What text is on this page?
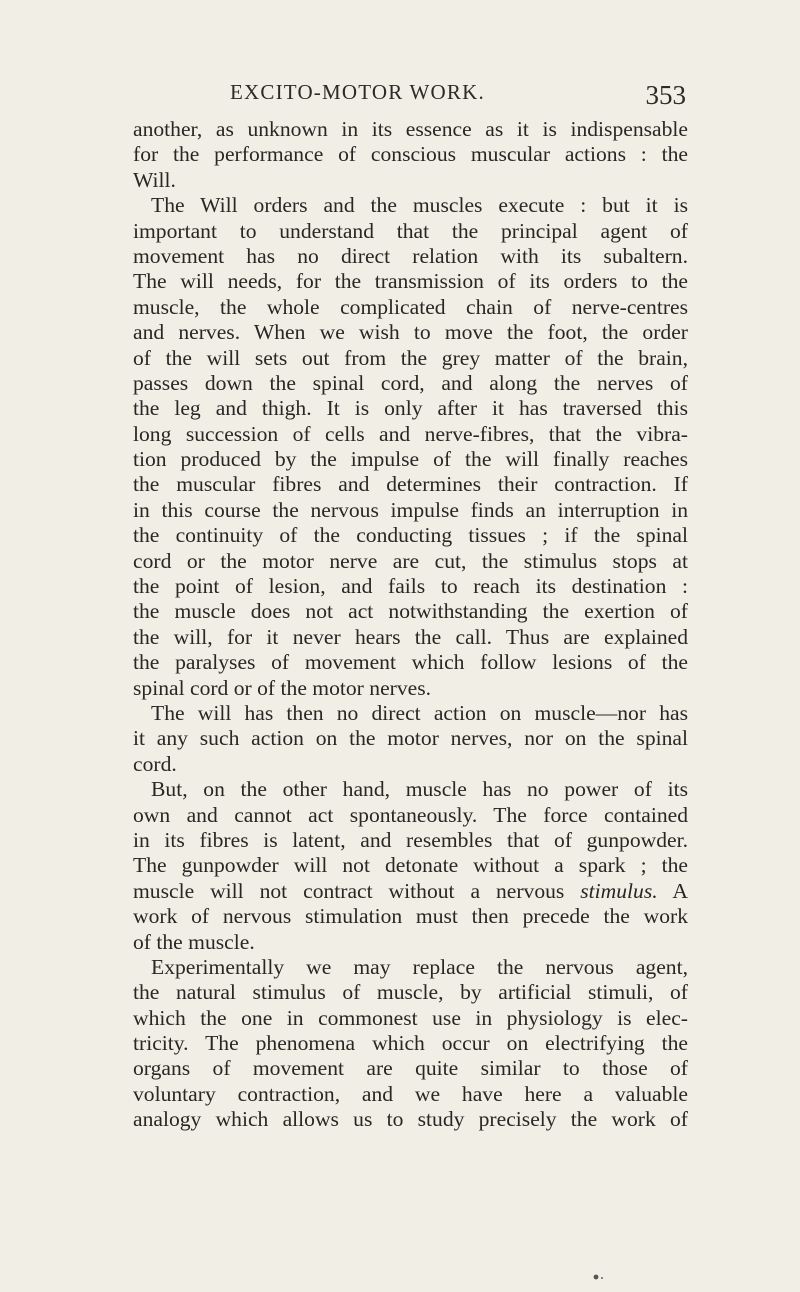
EXCITO-MOTOR WORK.	353
another, as unknown in its essence as it is indispensable
for the performance of conscious muscular actions : the
Will.
The Will orders and the muscles execute : but it is
important to understand that the principal agent of
movement has no direct relation with its subaltern.
The will needs, for the transmission of its orders to the
muscle, the whole complicated chain of nerve-centres
and nerves. When we wish to move the foot, the order
of the will sets out from the grey matter of the brain,
passes down the spinal cord, and along the nerves of
the leg and thigh. It is only after it has traversed this
long succession of cells and nerve-fibres, that the vibra-
tion produced by the impulse of the will finally reaches
the muscular fibres and determines their contraction. If
in this course the nervous impulse finds an interruption in
the continuity of the conducting tissues ; if the spinal
cord or the motor nerve are cut, the stimulus stops at
the point of lesion, and fails to reach its destination :
the muscle does not act notwithstanding the exertion of
the will, for it never hears the call. Thus are explained
the paralyses of movement which follow lesions of the
spinal cord or of the motor nerves.
The will has then no direct action on muscle—nor has
it any such action on the motor nerves, nor on the spinal
cord.
But, on the other hand, muscle has no power of its
own and cannot act spontaneously. The force contained
in its fibres is latent, and resembles that of gunpowder.
The gunpowder will not detonate without a spark ; the
muscle will not contract without a nervous stimulus. A
work of nervous stimulation must then precede the work
of the muscle.
Experimentally we may replace the nervous agent,
the natural stimulus of muscle, by artificial stimuli, of
which the one in commonest use in physiology is elec-
tricity. The phenomena which occur on electrifying the
organs of movement are quite similar to those of
voluntary contraction, and we have here a valuable
analogy which allows us to study precisely the work of
